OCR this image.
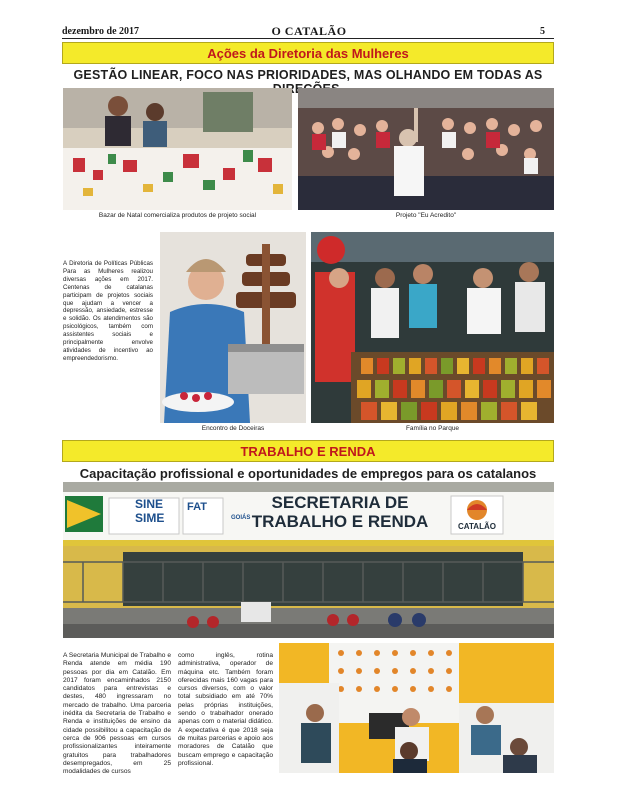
dezembro de 2017	O CATALÃO	5
Ações da Diretoria das Mulheres
GESTÃO LINEAR, FOCO NAS PRIORIDADES, MAS OLHANDO EM TODAS AS
Bazar de Natal comercializa produtos de projeto social	Projeto "Eu Acredito"
A Diretoria de Políticas Públicas Para as Mulheres realizou diversas ações em 2017. Centenas de catalanas participam de projetos sociais que ajudam a vencer a depressão, ansiedade, estresse e solidão. Os atendimentos são psicológicos, também com assistentes sociais e principalmente envolve atividades de incentivo ao empreendedorismo.
Encontro de Doceiras	Família no Parque
TRABALHO E RENDA
Capacitação profissional e oportunidades de empregos para os catalanos
SINE
SIME
FAT
GOIÁS
SECRETARIA DE
TRABALHO E RENDA	CATALÃO
A Secretaria Municipal de Trabalho e Renda atende em média 190 pessoas por dia em Catalão. Em 2017 foram encaminhados 2150 candidatos para entrevistas e destes, 480 ingressaram no mercado de trabalho. Uma parceria inédita da Secretaria de Trabalho e Renda e instituições de ensino da cidade possibilitou a capacitação de cerca de 906 pessoas em cursos profissionalizantes inteiramente gratuitos para trabalhadores desempregados, em 25 modalidades de cursos
como inglês, rotina administrativa, operador de máquina etc. Também foram oferecidas mais 160 vagas para cursos diversos, com o valor total subsidiado em até 70% pelas próprias instituições, sendo o trabalhador onerado apenas com o material didático. A expectativa é que 2018 seja de muitas parcerias e apoio aos moradores de Catalão que buscam emprego e capacitação profissional.
